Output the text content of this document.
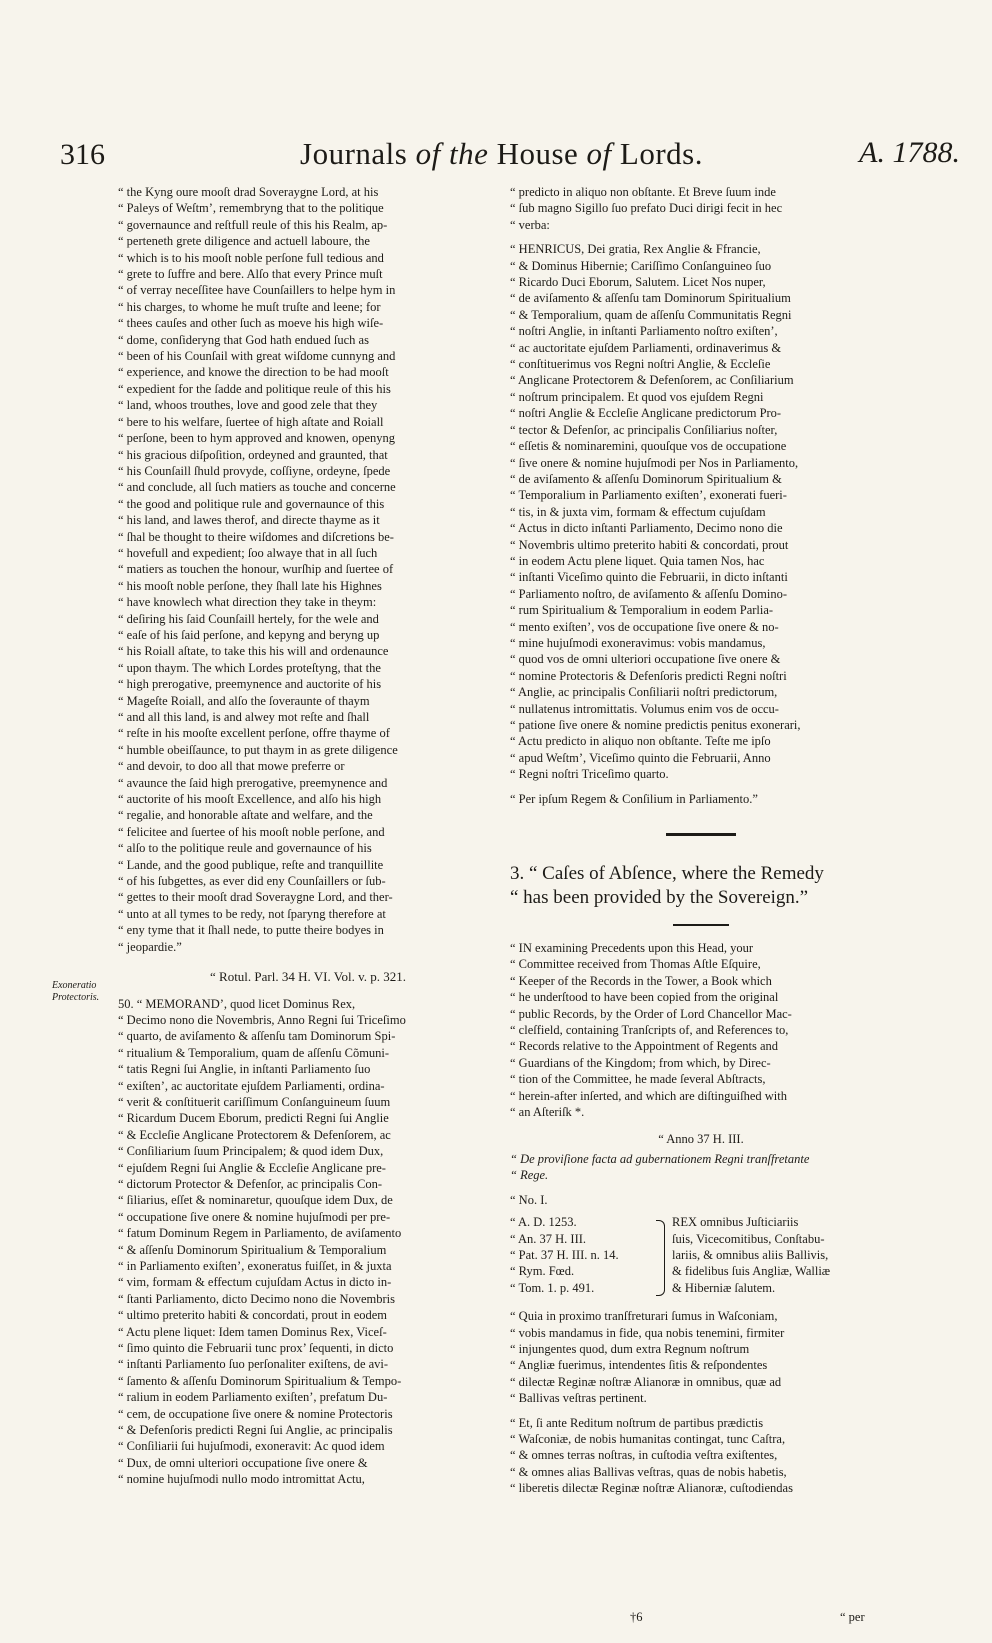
316	Journals of the House of Lords.	A. 1788.
Exoneratio Protectoris.

“ the Kyng oure mooſt drad Soveraygne Lord, at his
“ Paleys of Weſtm’, remembryng that to the politique
“ governaunce and reſtfull reule of this his Realm, ap-
“ perteneth grete diligence and actuell laboure, the
“ which is to his mooſt noble perſone full tedious and
“ grete to ſuffre and bere. Alſo that every Prince muſt
“ of verray neceſſitee have Counſaillers to helpe hym in
“ his charges, to whome he muſt truſte and leene; for
“ thees cauſes and other ſuch as moeve his high wiſe-
“ dome, conſideryng that God hath endued ſuch as
“ been of his Counſail with great wiſdome cunnyng and
“ experience, and knowe the direction to be had mooſt
“ expedient for the ſadde and politique reule of this his
“ land, whoos trouthes, love and good zele that they
“ bere to his welfare, ſuertee of high aſtate and Roiall
“ perſone, been to hym approved and knowen, openyng
“ his gracious diſpoſition, ordeyned and graunted, that
“ his Counſaill ſhuld provyde, coſſiyne, ordeyne, ſpede
“ and conclude, all ſuch matiers as touche and concerne
“ the good and politique rule and governaunce of this
“ his land, and lawes therof, and directe thayme as it
“ ſhal be thought to theire wiſdomes and diſcretions be-
“ hovefull and expedient; ſoo alwaye that in all ſuch
“ matiers as touchen the honour, wurſhip and ſuertee of
“ his mooſt noble perſone, they ſhall late his Highnes
“ have knowlech what direction they take in theym:
“ deſiring his ſaid Counſaill hertely, for the wele and
“ eaſe of his ſaid perſone, and kepyng and beryng up
“ his Roiall aſtate, to take this his will and ordenaunce
“ upon thaym. The which Lordes proteſtyng, that the
“ high prerogative, preemynence and auctorite of his
“ Mageſte Roiall, and alſo the ſoveraunte of thaym
“ and all this land, is and alwey mot reſte and ſhall
“ reſte in his mooſte excellent perſone, offre thayme of
“ humble obeiſſaunce, to put thaym in as grete diligence
“ and devoir, to doo all that mowe preferre or
“ avaunce the ſaid high prerogative, preemynence and
“ auctorite of his mooſt Excellence, and alſo his high
“ regalie, and honorable aſtate and welfare, and the
“ felicitee and ſuertee of his mooſt noble perſone, and
“ alſo to the politique reule and governaunce of his
“ Lande, and the good publique, reſte and tranquillite
“ of his ſubgettes, as ever did eny Counſaillers or ſub-
“ gettes to their mooſt drad Soveraygne Lord, and ther-
“ unto at all tymes to be redy, not ſparyng therefore at
“ eny tyme that it ſhall nede, to putte theire bodyes in
“ jeopardie.”

“ Rotul. Parl. 34 H. VI. Vol. v. p. 321.

50. “ MEMORAND’, quod licet Dominus Rex,
“ Decimo nono die Novembris, Anno Regni ſui Triceſimo
“ quarto, de aviſamento & aſſenſu tam Dominorum Spi-
“ ritualium & Temporalium, quam de aſſenſu Cõmuni-
“ tatis Regni ſui Anglie, in inſtanti Parliamento ſuo
“ exiſten’, ac auctoritate ejuſdem Parliamenti, ordina-
“ verit & conſtituerit cariſſimum Conſanguineum ſuum
“ Ricardum Ducem Eborum, predicti Regni ſui Anglie
“ & Eccleſie Anglicane Protectorem & Defenſorem, ac
“ Conſiliarium ſuum Principalem; & quod idem Dux,
“ ejuſdem Regni ſui Anglie & Eccleſie Anglicane pre-
“ dictorum Protector & Defenſor, ac principalis Con-
“ ſiliarius, eſſet & nominaretur, quouſque idem Dux, de
“ occupatione ſive onere & nomine hujuſmodi per pre-
“ fatum Dominum Regem in Parliamento, de aviſamento
“ & aſſenſu Dominorum Spiritualium & Temporalium
“ in Parliamento exiſten’, exoneratus fuiſſet, in & juxta
“ vim, formam & effectum cujuſdam Actus in dicto in-
“ ſtanti Parliamento, dicto Decimo nono die Novembris
“ ultimo preterito habiti & concordati, prout in eodem
“ Actu plene liquet: Idem tamen Dominus Rex, Viceſ-
“ ſimo quinto die Februarii tunc prox’ ſequenti, in dicto
“ inſtanti Parliamento ſuo perſonaliter exiſtens, de avi-
“ ſamento & aſſenſu Dominorum Spiritualium & Tempo-
“ ralium in eodem Parliamento exiſten’, prefatum Du-
“ cem, de occupatione ſive onere & nomine Protectoris
“ & Defenſoris predicti Regni ſui Anglie, ac principalis
“ Conſiliarii ſui hujuſmodi, exoneravit: Ac quod idem
“ Dux, de omni ulteriori occupatione ſive onere &
“ nomine hujuſmodi nullo modo intromittat Actu,

“ predicto in aliquo non obſtante. Et Breve ſuum inde
“ ſub magno Sigillo ſuo prefato Duci dirigi fecit in hec
“ verba:

“ HENRICUS, Dei gratia, Rex Anglie & Ffrancie,
“ & Dominus Hibernie; Cariſſimo Conſanguineo ſuo
“ Ricardo Duci Eborum, Salutem. Licet Nos nuper,
“ de aviſamento & aſſenſu tam Dominorum Spiritualium
“ & Temporalium, quam de aſſenſu Communitatis Regni
“ noſtri Anglie, in inſtanti Parliamento noſtro exiſten’,
“ ac auctoritate ejuſdem Parliamenti, ordinaverimus &
“ conſtituerimus vos Regni noſtri Anglie, & Eccleſie
“ Anglicane Protectorem & Defenſorem, ac Conſiliarium
“ noſtrum principalem. Et quod vos ejuſdem Regni
“ noſtri Anglie & Eccleſie Anglicane predictorum Pro-
“ tector & Defenſor, ac principalis Conſiliarius noſter,
“ eſſetis & nominaremini, quouſque vos de occupatione
“ ſive onere & nomine hujuſmodi per Nos in Parliamento,
“ de aviſamento & aſſenſu Dominorum Spiritualium &
“ Temporalium in Parliamento exiſten’, exonerati fueri-
“ tis, in & juxta vim, formam & effectum cujuſdam
“ Actus in dicto inſtanti Parliamento, Decimo nono die
“ Novembris ultimo preterito habiti & concordati, prout
“ in eodem Actu plene liquet. Quia tamen Nos, hac
“ inſtanti Viceſimo quinto die Februarii, in dicto inſtanti
“ Parliamento noſtro, de aviſamento & aſſenſu Domino-
“ rum Spiritualium & Temporalium in eodem Parlia-
“ mento exiſten’, vos de occupatione ſive onere & no-
“ mine hujuſmodi exoneravimus: vobis mandamus,
“ quod vos de omni ulteriori occupatione ſive onere &
“ nomine Protectoris & Defenſoris predicti Regni noſtri
“ Anglie, ac principalis Conſiliarii noſtri predictorum,
“ nullatenus intromittatis. Volumus enim vos de occu-
“ patione ſive onere & nomine predictis penitus exonerari,
“ Actu predicto in aliquo non obſtante. Teſte me ipſo
“ apud Weſtm’, Viceſimo quinto die Februarii, Anno
“ Regni noſtri Triceſimo quarto.

“ Per ipſum Regem & Conſilium in Parliamento.”

3. “ Caſes of Abſence, where the Remedy
“ has been provided by the Sovereign.”

“ IN examining Precedents upon this Head, your
“ Committee received from Thomas Aſtle Eſquire,
“ Keeper of the Records in the Tower, a Book which
“ he underſtood to have been copied from the original
“ public Records, by the Order of Lord Chancellor Mac-
“ cleſfield, containing Tranſcripts of, and References to,
“ Records relative to the Appointment of Regents and
“ Guardians of the Kingdom; from which, by Direc-
“ tion of the Committee, he made ſeveral Abſtracts,
“ herein-after inſerted, and which are diſtinguiſhed with
“ an Aſteriſk *.

“ Anno 37 H. III.

“ De proviſione facta ad gubernationem Regni tranſfretante
“ Rege.

“ No. I.

“ A. D. 1253.
“ An. 37 H. III.
“ Pat. 37 H. III. n. 14.
“ Rym. Fœd.
“ Tom. 1. p. 491.
REX omnibus Juſticiariis
ſuis, Vicecomitibus, Conſtabu-
lariis, & omnibus aliis Ballivis,
& fidelibus ſuis Angliæ, Walliæ
& Hiberniæ ſalutem.

“ Quia in proximo tranſfreturari ſumus in Waſconiam,
“ vobis mandamus in fide, qua nobis tenemini, firmiter
“ injungentes quod, dum extra Regnum noſtrum
“ Angliæ fuerimus, intendentes ſitis & reſpondentes
“ dilectæ Reginæ noſtræ Alianoræ in omnibus, quæ ad
“ Ballivas veſtras pertinent.

“ Et, ſi ante Reditum noſtrum de partibus prædictis
“ Waſconiæ, de nobis humanitas contingat, tunc Caſtra,
“ & omnes terras noſtras, in cuſtodia veſtra exiſtentes,
“ & omnes alias Ballivas veſtras, quas de nobis habetis,
“ liberetis dilectæ Reginæ noſtræ Alianoræ, cuſtodiendas

†6	“ per
